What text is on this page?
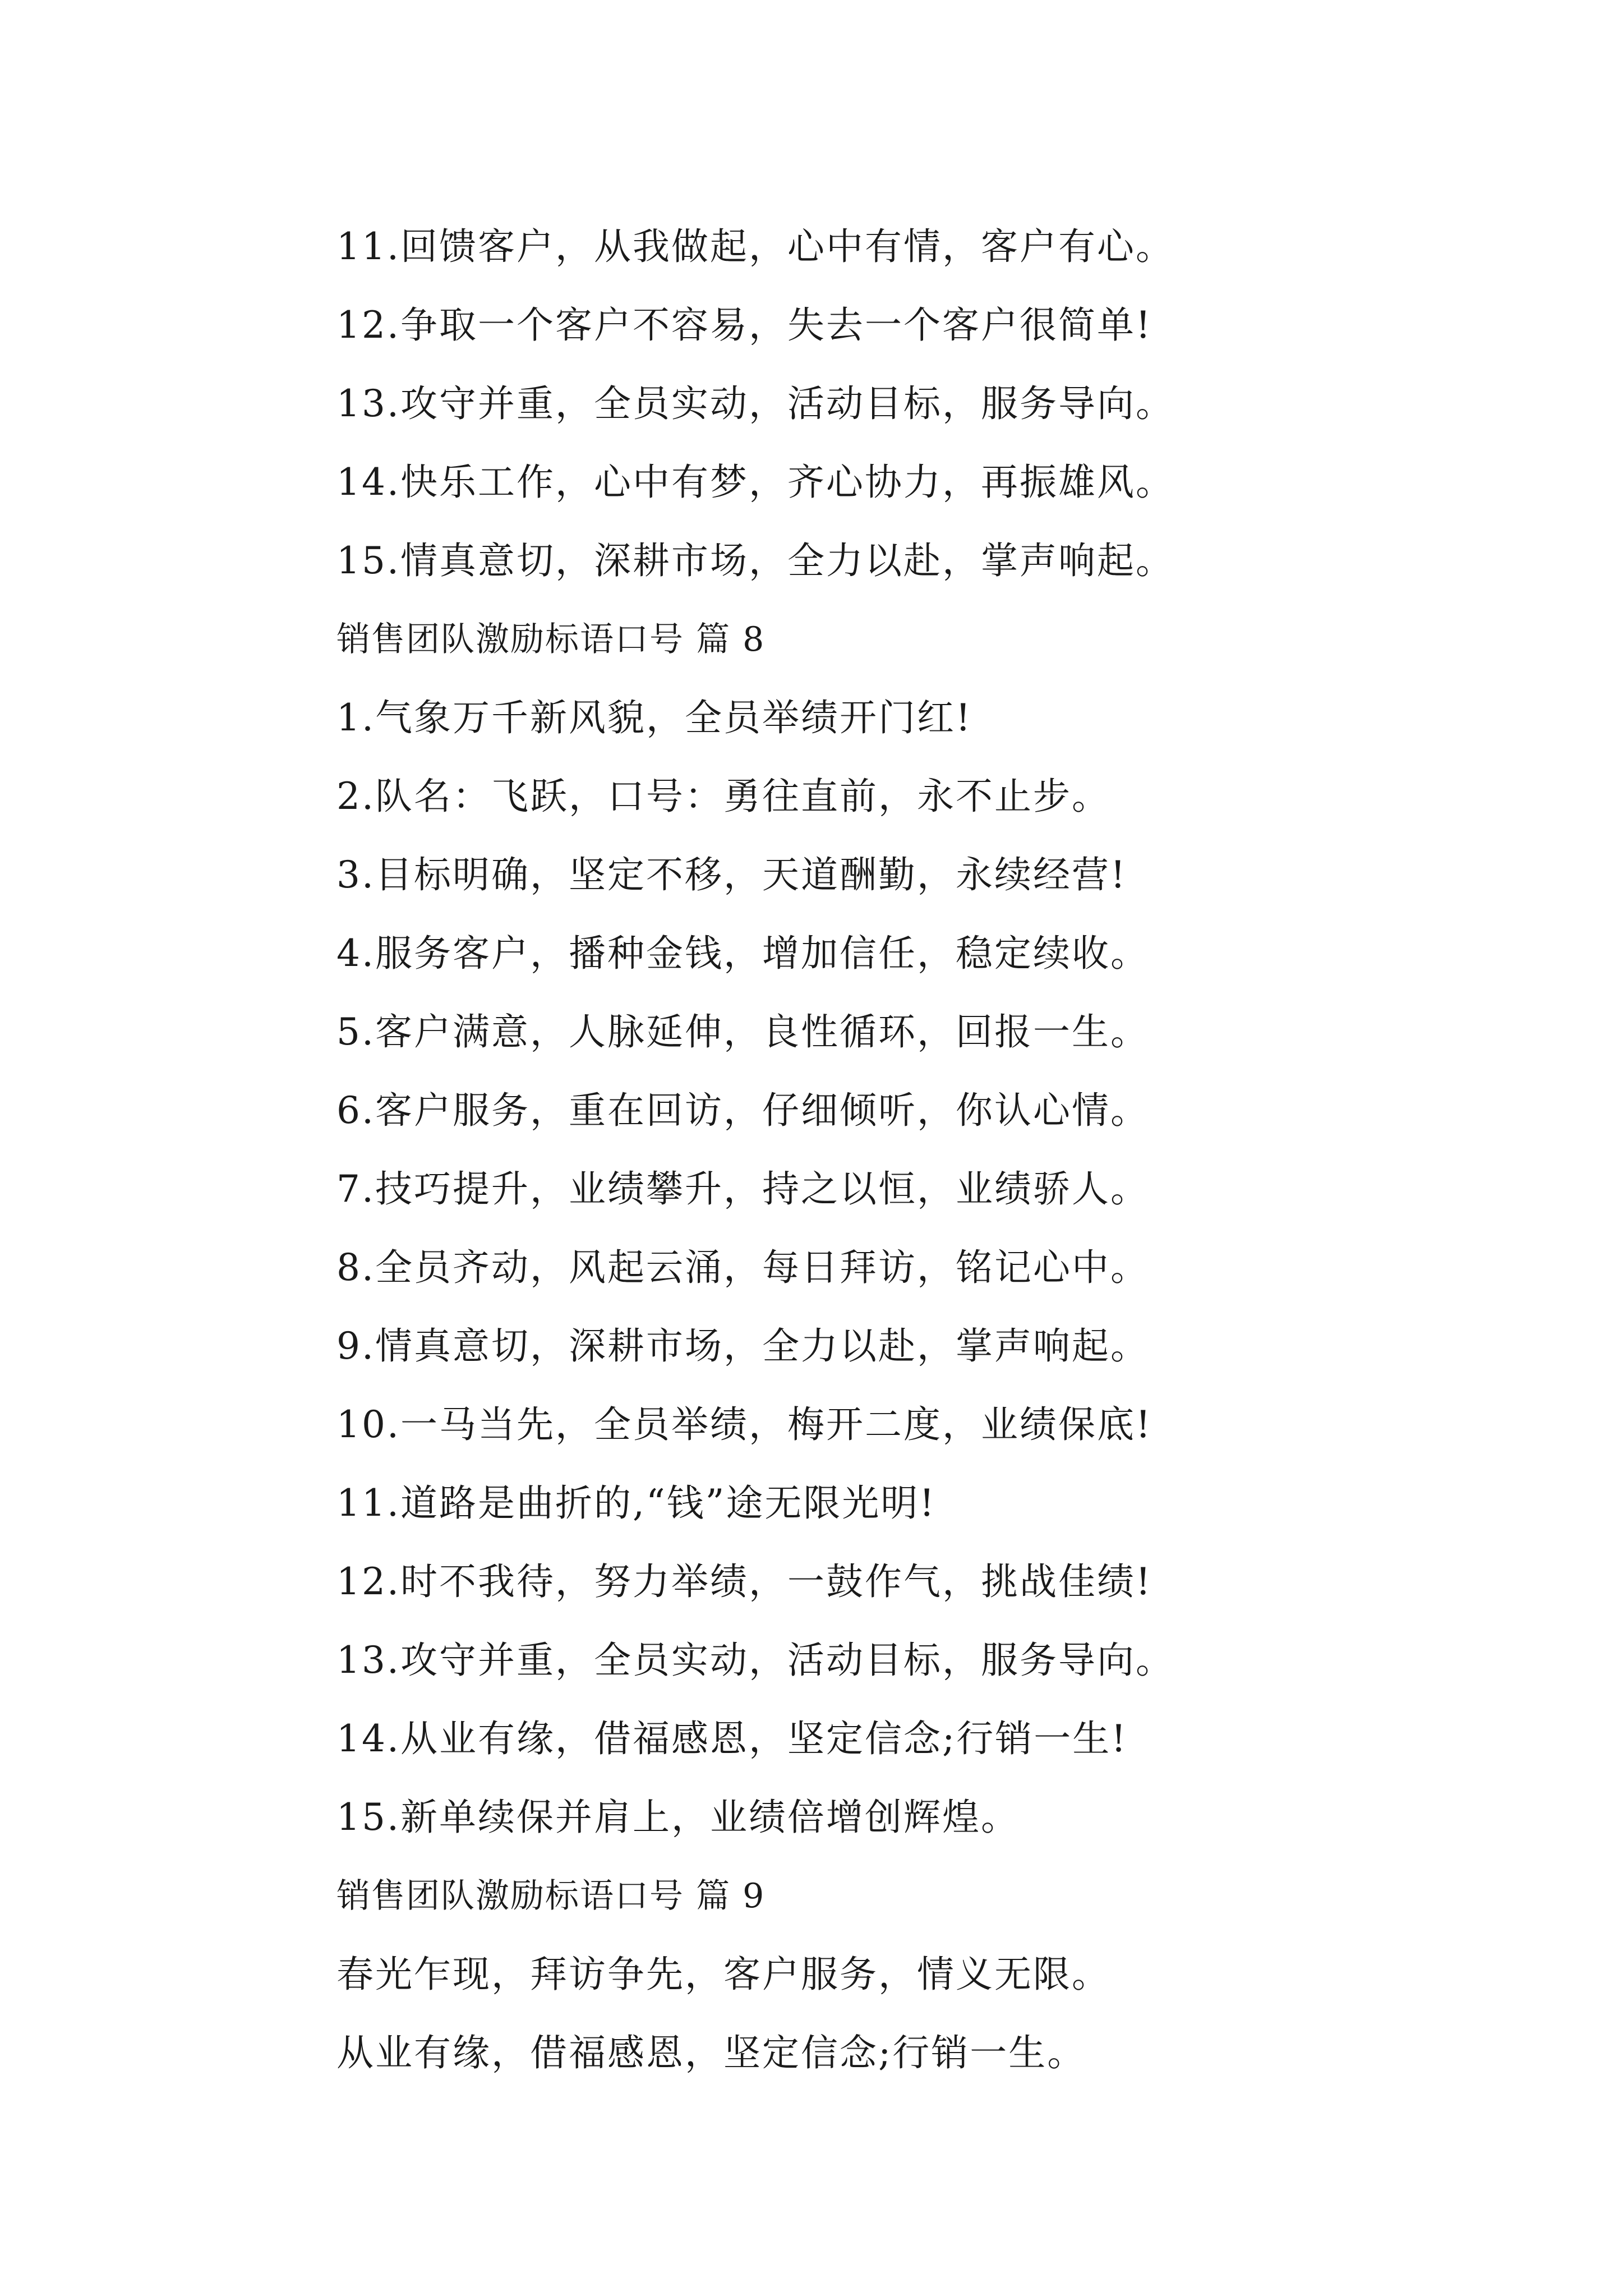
11.回馈客户，从我做起，心中有情，客户有心。
12.争取一个客户不容易，失去一个客户很简单!
13.攻守并重，全员实动，活动目标，服务导向。
14.快乐工作，心中有梦，齐心协力，再振雄风。
15.情真意切，深耕市场，全力以赴，掌声响起。
销售团队激励标语口号 篇 8
1.气象万千新风貌，全员举绩开门红!
2.队名：飞跃，口号：勇往直前，永不止步。
3.目标明确，坚定不移，天道酬勤，永续经营!
4.服务客户，播种金钱，增加信任，稳定续收。
5.客户满意，人脉延伸，良性循环，回报一生。
6.客户服务，重在回访，仔细倾听，你认心情。
7.技巧提升，业绩攀升，持之以恒，业绩骄人。
8.全员齐动，风起云涌，每日拜访，铭记心中。
9.情真意切，深耕市场，全力以赴，掌声响起。
10.一马当先，全员举绩，梅开二度，业绩保底!
11.道路是曲折的,“钱”途无限光明!
12.时不我待，努力举绩，一鼓作气，挑战佳绩!
13.攻守并重，全员实动，活动目标，服务导向。
14.从业有缘，借福感恩，坚定信念;行销一生!
15.新单续保并肩上，业绩倍增创辉煌。
销售团队激励标语口号 篇 9
春光乍现，拜访争先，客户服务，情义无限。
从业有缘，借福感恩，坚定信念;行销一生。
